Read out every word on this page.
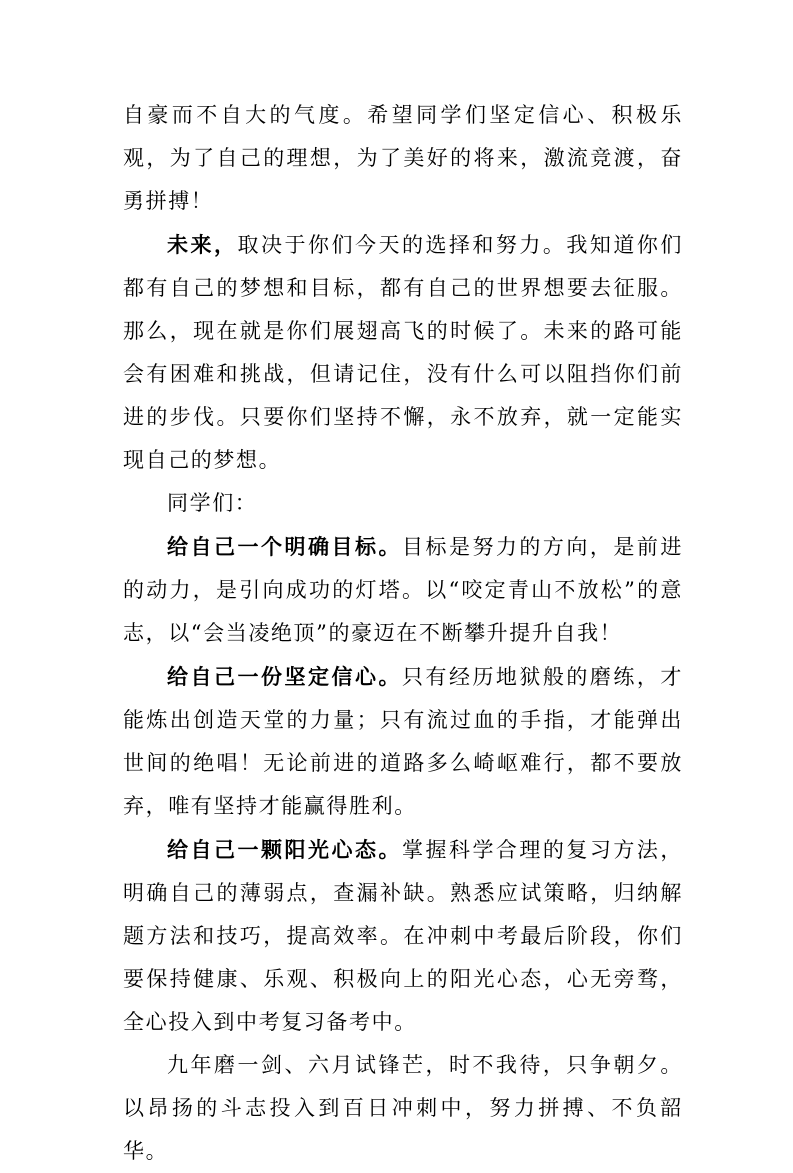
自豪而不自大的气度。希望同学们坚定信心、积极乐观，为了自己的理想，为了美好的将来，激流竞渡，奋勇拼搏！

未来，取决于你们今天的选择和努力。我知道你们都有自己的梦想和目标，都有自己的世界想要去征服。那么，现在就是你们展翅高飞的时候了。未来的路可能会有困难和挑战，但请记住，没有什么可以阻挡你们前进的步伐。只要你们坚持不懈，永不放弃，就一定能实现自己的梦想。

同学们：

给自己一个明确目标。目标是努力的方向，是前进的动力，是引向成功的灯塔。以“咬定青山不放松”的意志，以“会当凌绝顶”的豪迈在不断攀升提升自我！

给自己一份坚定信心。只有经历地狱般的磨练，才能炼出创造天堂的力量；只有流过血的手指，才能弹出世间的绝唱！无论前进的道路多么崎岖难行，都不要放弃，唯有坚持才能赢得胜利。

给自己一颗阳光心态。掌握科学合理的复习方法，明确自己的薄弱点，查漏补缺。熟悉应试策略，归纳解题方法和技巧，提高效率。在冲刺中考最后阶段，你们要保持健康、乐观、积极向上的阳光心态，心无旁骛，全心投入到中考复习备考中。

九年磨一剑、六月试锋芒，时不我待，只争朝夕。以昂扬的斗志投入到百日冲刺中，努力拼搏、不负韶华。
